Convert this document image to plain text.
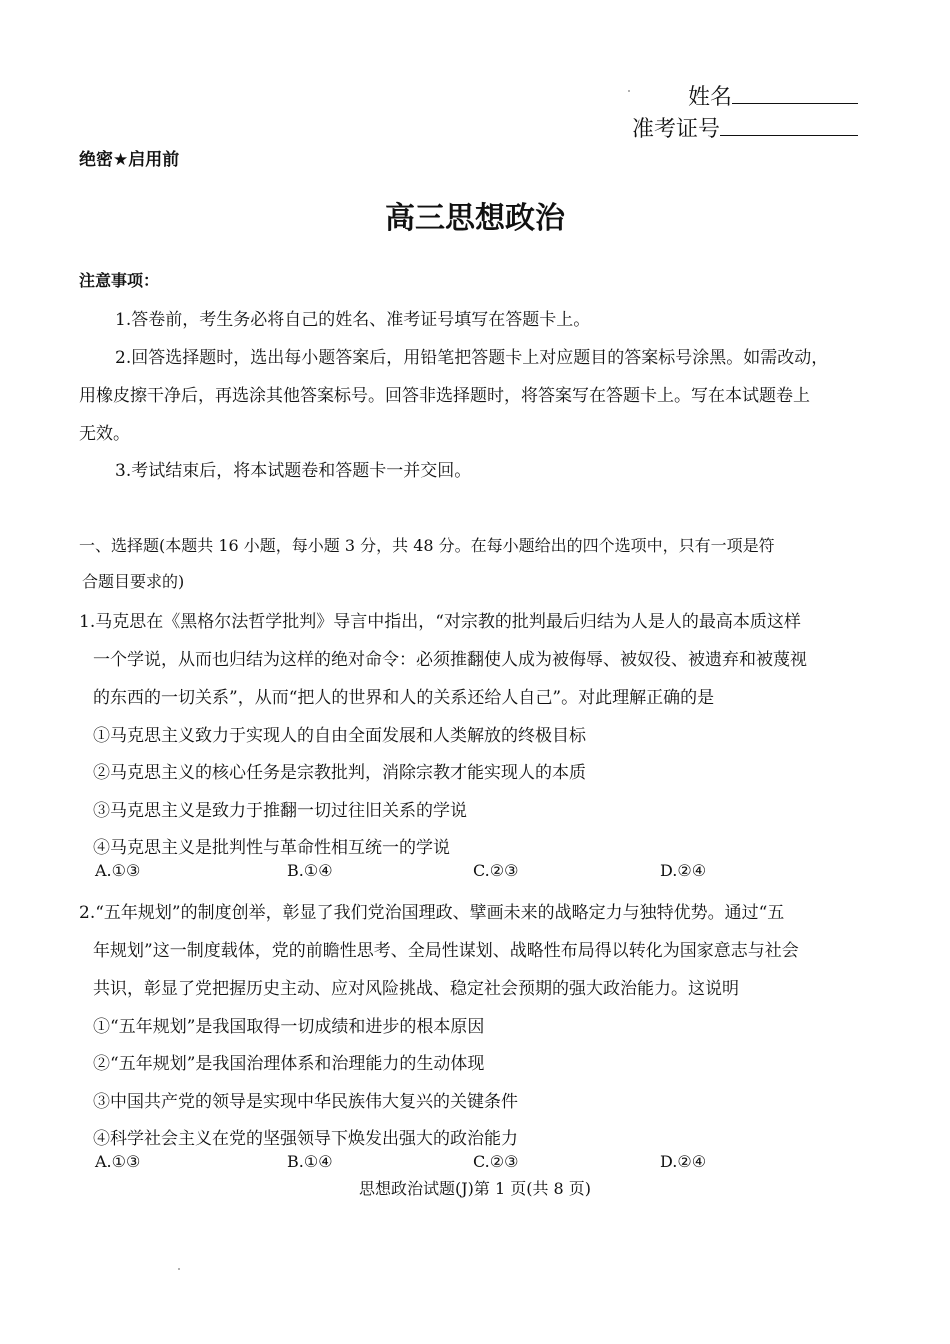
姓名
准考证号
绝密★启用前
高三思想政治
注意事项：
1.答卷前，考生务必将自己的姓名、准考证号填写在答题卡上。
2.回答选择题时，选出每小题答案后，用铅笔把答题卡上对应题目的答案标号涂黑。如需改动，
用橡皮擦干净后，再选涂其他答案标号。回答非选择题时，将答案写在答题卡上。写在本试题卷上
无效。
3.考试结束后，将本试题卷和答题卡一并交回。
一、选择题(本题共 16 小题，每小题 3 分，共 48 分。在每小题给出的四个选项中，只有一项是符
合题目要求的)
1.马克思在《黑格尔法哲学批判》导言中指出，“对宗教的批判最后归结为人是人的最高本质这样
一个学说，从而也归结为这样的绝对命令：必须推翻使人成为被侮辱、被奴役、被遗弃和被蔑视
的东西的一切关系”，从而“把人的世界和人的关系还给人自己”。对此理解正确的是
①马克思主义致力于实现人的自由全面发展和人类解放的终极目标
②马克思主义的核心任务是宗教批判，消除宗教才能实现人的本质
③马克思主义是致力于推翻一切过往旧关系的学说
④马克思主义是批判性与革命性相互统一的学说
A.①③	B.①④	C.②③	D.②④
2.“五年规划”的制度创举，彰显了我们党治国理政、擘画未来的战略定力与独特优势。通过“五
年规划”这一制度载体，党的前瞻性思考、全局性谋划、战略性布局得以转化为国家意志与社会
共识，彰显了党把握历史主动、应对风险挑战、稳定社会预期的强大政治能力。这说明
①“五年规划”是我国取得一切成绩和进步的根本原因
②“五年规划”是我国治理体系和治理能力的生动体现
③中国共产党的领导是实现中华民族伟大复兴的关键条件
④科学社会主义在党的坚强领导下焕发出强大的政治能力
A.①③	B.①④	C.②③	D.②④
思想政治试题(J)第 1 页(共 8 页)
